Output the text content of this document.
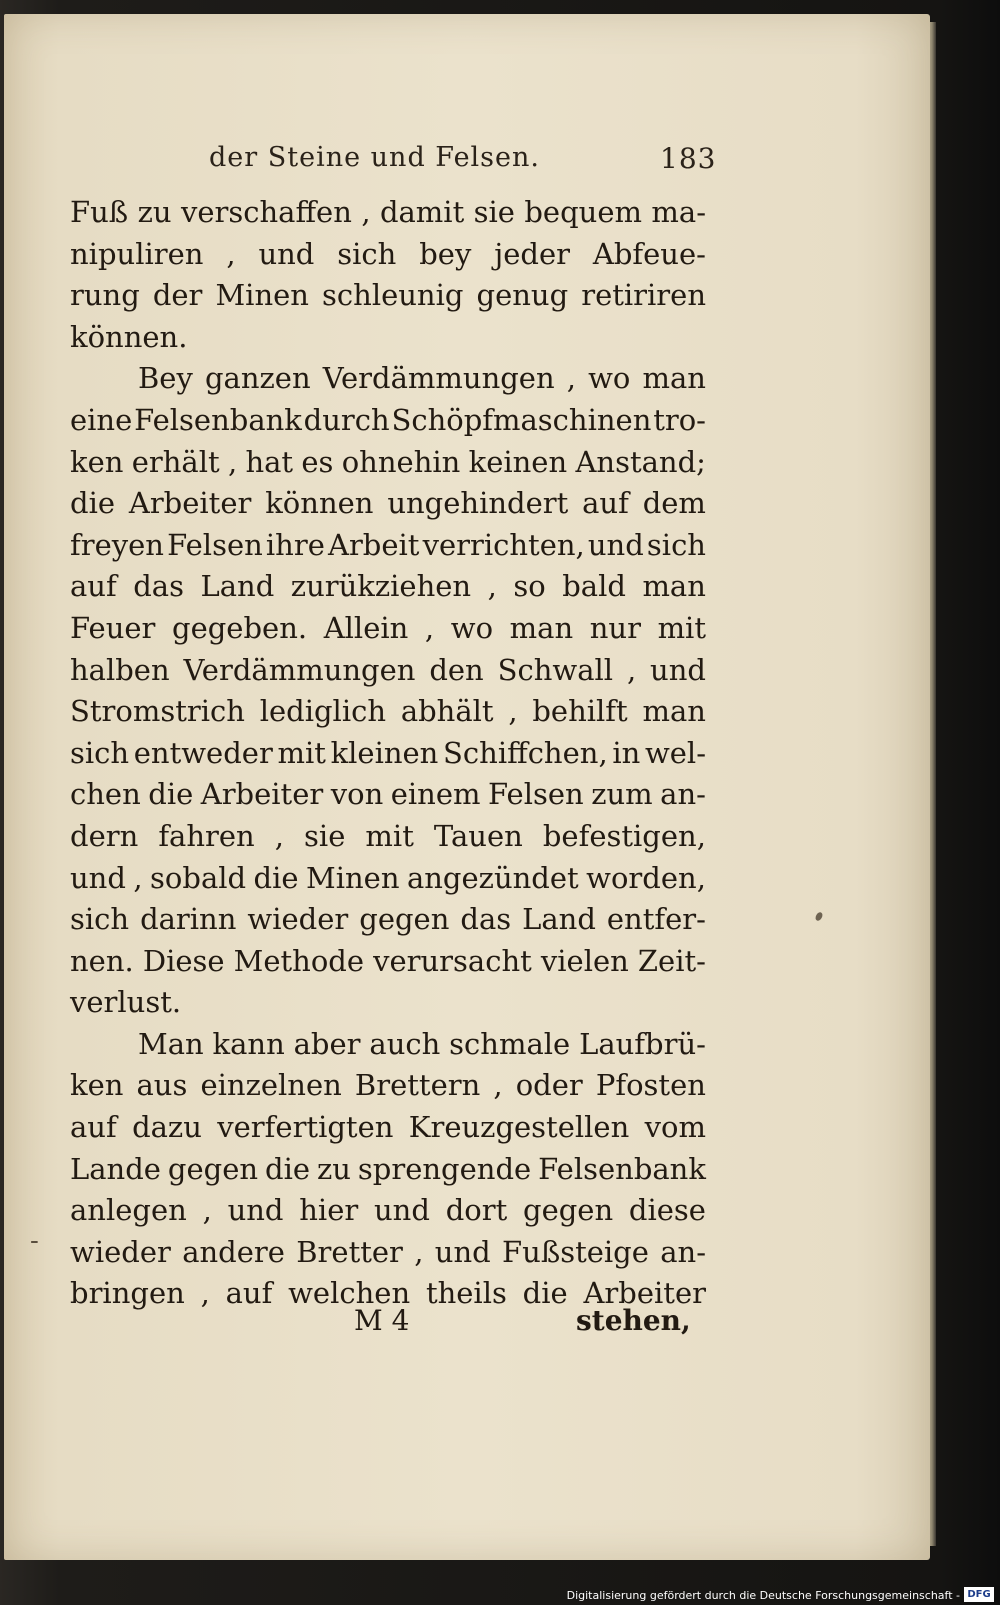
der Steine und Felsen.	183
Fuß zu verschaffen , damit sie bequem ma-
nipuliren , und sich bey jeder Abfeue-
rung der Minen schleunig genug retiriren
können.
Bey ganzen Verdämmungen , wo man
eine Felsenbank durch Schöpfmaschinen tro-
ken erhält , hat es ohnehin keinen Anstand;
die Arbeiter können ungehindert auf dem
freyen Felsen ihre Arbeit verrichten, und sich
auf das Land zurükziehen , so bald man
Feuer gegeben. Allein , wo man nur mit
halben Verdämmungen den Schwall , und
Stromstrich lediglich abhält , behilft man
sich entweder mit kleinen Schiffchen, in wel-
chen die Arbeiter von einem Felsen zum an-
dern fahren , sie mit Tauen befestigen,
und , sobald die Minen angezündet worden,
sich darinn wieder gegen das Land entfer-
nen. Diese Methode verursacht vielen Zeit-
verlust.
Man kann aber auch schmale Laufbrü-
ken aus einzelnen Brettern , oder Pfosten
auf dazu verfertigten Kreuzgestellen vom
Lande gegen die zu sprengende Felsenbank
anlegen , und hier und dort gegen diese
wieder andere Bretter , und Fußsteige an-
bringen , auf welchen theils die Arbeiter
M 4	stehen,
-
Digitalisierung gefördert durch die Deutsche Forschungsgemeinschaft - DFG
